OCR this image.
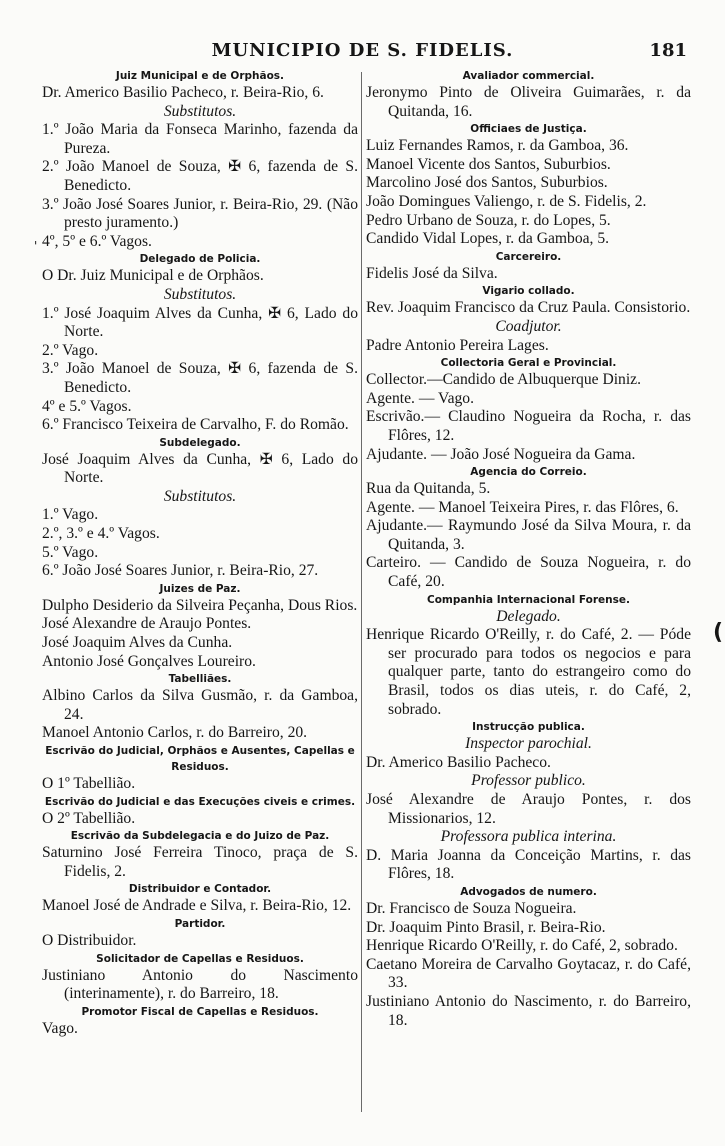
MUNICIPIO DE S. FIDELIS.	181
Juiz Municipal e de Orphãos.
Dr. Americo Basilio Pacheco, r. Beira-Rio, 6.
Substitutos.
1.º João Maria da Fonseca Marinho, fazenda da Pureza.
2.º João Manoel de Souza, ✠ 6, fazenda de S. Benedicto.
3.º João José Soares Junior, r. Beira-Rio, 29. (Não presto juramento.)
4º, 5º e 6.º Vagos.
Delegado de Policia.
O Dr. Juiz Municipal e de Orphãos.
Substitutos.
1.º José Joaquim Alves da Cunha, ✠ 6, Lado do Norte.
2.º Vago.
3.º João Manoel de Souza, ✠ 6, fazenda de S. Benedicto.
4º e 5.º Vagos.
6.º Francisco Teixeira de Carvalho, F. do Romão.
Subdelegado.
José Joaquim Alves da Cunha, ✠ 6, Lado do Norte.
Substitutos.
1.º Vago.
2.º, 3.º e 4.º Vagos.
5.º Vago.
6.º João José Soares Junior, r. Beira-Rio, 27.
Juizes de Paz.
Dulpho Desiderio da Silveira Peçanha, Dous Rios.
José Alexandre de Araujo Pontes.
José Joaquim Alves da Cunha.
Antonio José Gonçalves Loureiro.
Tabelliães.
Albino Carlos da Silva Gusmão, r. da Gamboa, 24.
Manoel Antonio Carlos, r. do Barreiro, 20.
Escrivão do Judicial, Orphãos e Ausentes, Capellas e Residuos.
O 1º Tabellião.
Escrivão do Judicial e das Execuções civeis e crimes.
O 2º Tabellião.
Escrivão da Subdelegacia e do Juizo de Paz.
Saturnino José Ferreira Tinoco, praça de S. Fidelis, 2.
Distribuidor e Contador.
Manoel José de Andrade e Silva, r. Beira-Rio, 12.
Partidor.
O Distribuidor.
Solicitador de Capellas e Residuos.
Justiniano Antonio do Nascimento (interinamente), r. do Barreiro, 18.
Promotor Fiscal de Capellas e Residuos.
Vago.
Avaliador commercial.
Jeronymo Pinto de Oliveira Guimarães, r. da Quitanda, 16.
Officiaes de Justiça.
Luiz Fernandes Ramos, r. da Gamboa, 36.
Manoel Vicente dos Santos, Suburbios.
Marcolino José dos Santos, Suburbios.
João Domingues Valiengo, r. de S. Fidelis, 2.
Pedro Urbano de Souza, r. do Lopes, 5.
Candido Vidal Lopes, r. da Gamboa, 5.
Carcereiro.
Fidelis José da Silva.
Vigario collado.
Rev. Joaquim Francisco da Cruz Paula. Consistorio.
Coadjutor.
Padre Antonio Pereira Lages.
Collectoria Geral e Provincial.
Collector.—Candido de Albuquerque Diniz.
Agente. — Vago.
Escrivão.— Claudino Nogueira da Rocha, r. das Flôres, 12.
Ajudante. — João José Nogueira da Gama.
Agencia do Correio.
Rua da Quitanda, 5.
Agente. — Manoel Teixeira Pires, r. das Flôres, 6.
Ajudante.— Raymundo José da Silva Moura, r. da Quitanda, 3.
Carteiro. — Candido de Souza Nogueira, r. do Café, 20.
Companhia Internacional Forense.
Delegado.
Henrique Ricardo O'Reilly, r. do Café, 2. — Póde ser procurado para todos os negocios e para qualquer parte, tanto do estrangeiro como do Brasil, todos os dias uteis, r. do Café, 2, sobrado.
Instrucção publica.
Inspector parochial.
Dr. Americo Basilio Pacheco.
Professor publico.
José Alexandre de Araujo Pontes, r. dos Missionarios, 12.
Professora publica interina.
D. Maria Joanna da Conceição Martins, r. das Flôres, 18.
Advogados de numero.
Dr. Francisco de Souza Nogueira.
Dr. Joaquim Pinto Brasil, r. Beira-Rio.
Henrique Ricardo O'Reilly, r. do Café, 2, sobrado.
Caetano Moreira de Carvalho Goytacaz, r. do Café, 33.
Justiniano Antonio do Nascimento, r. do Barreiro, 18.
'
(
